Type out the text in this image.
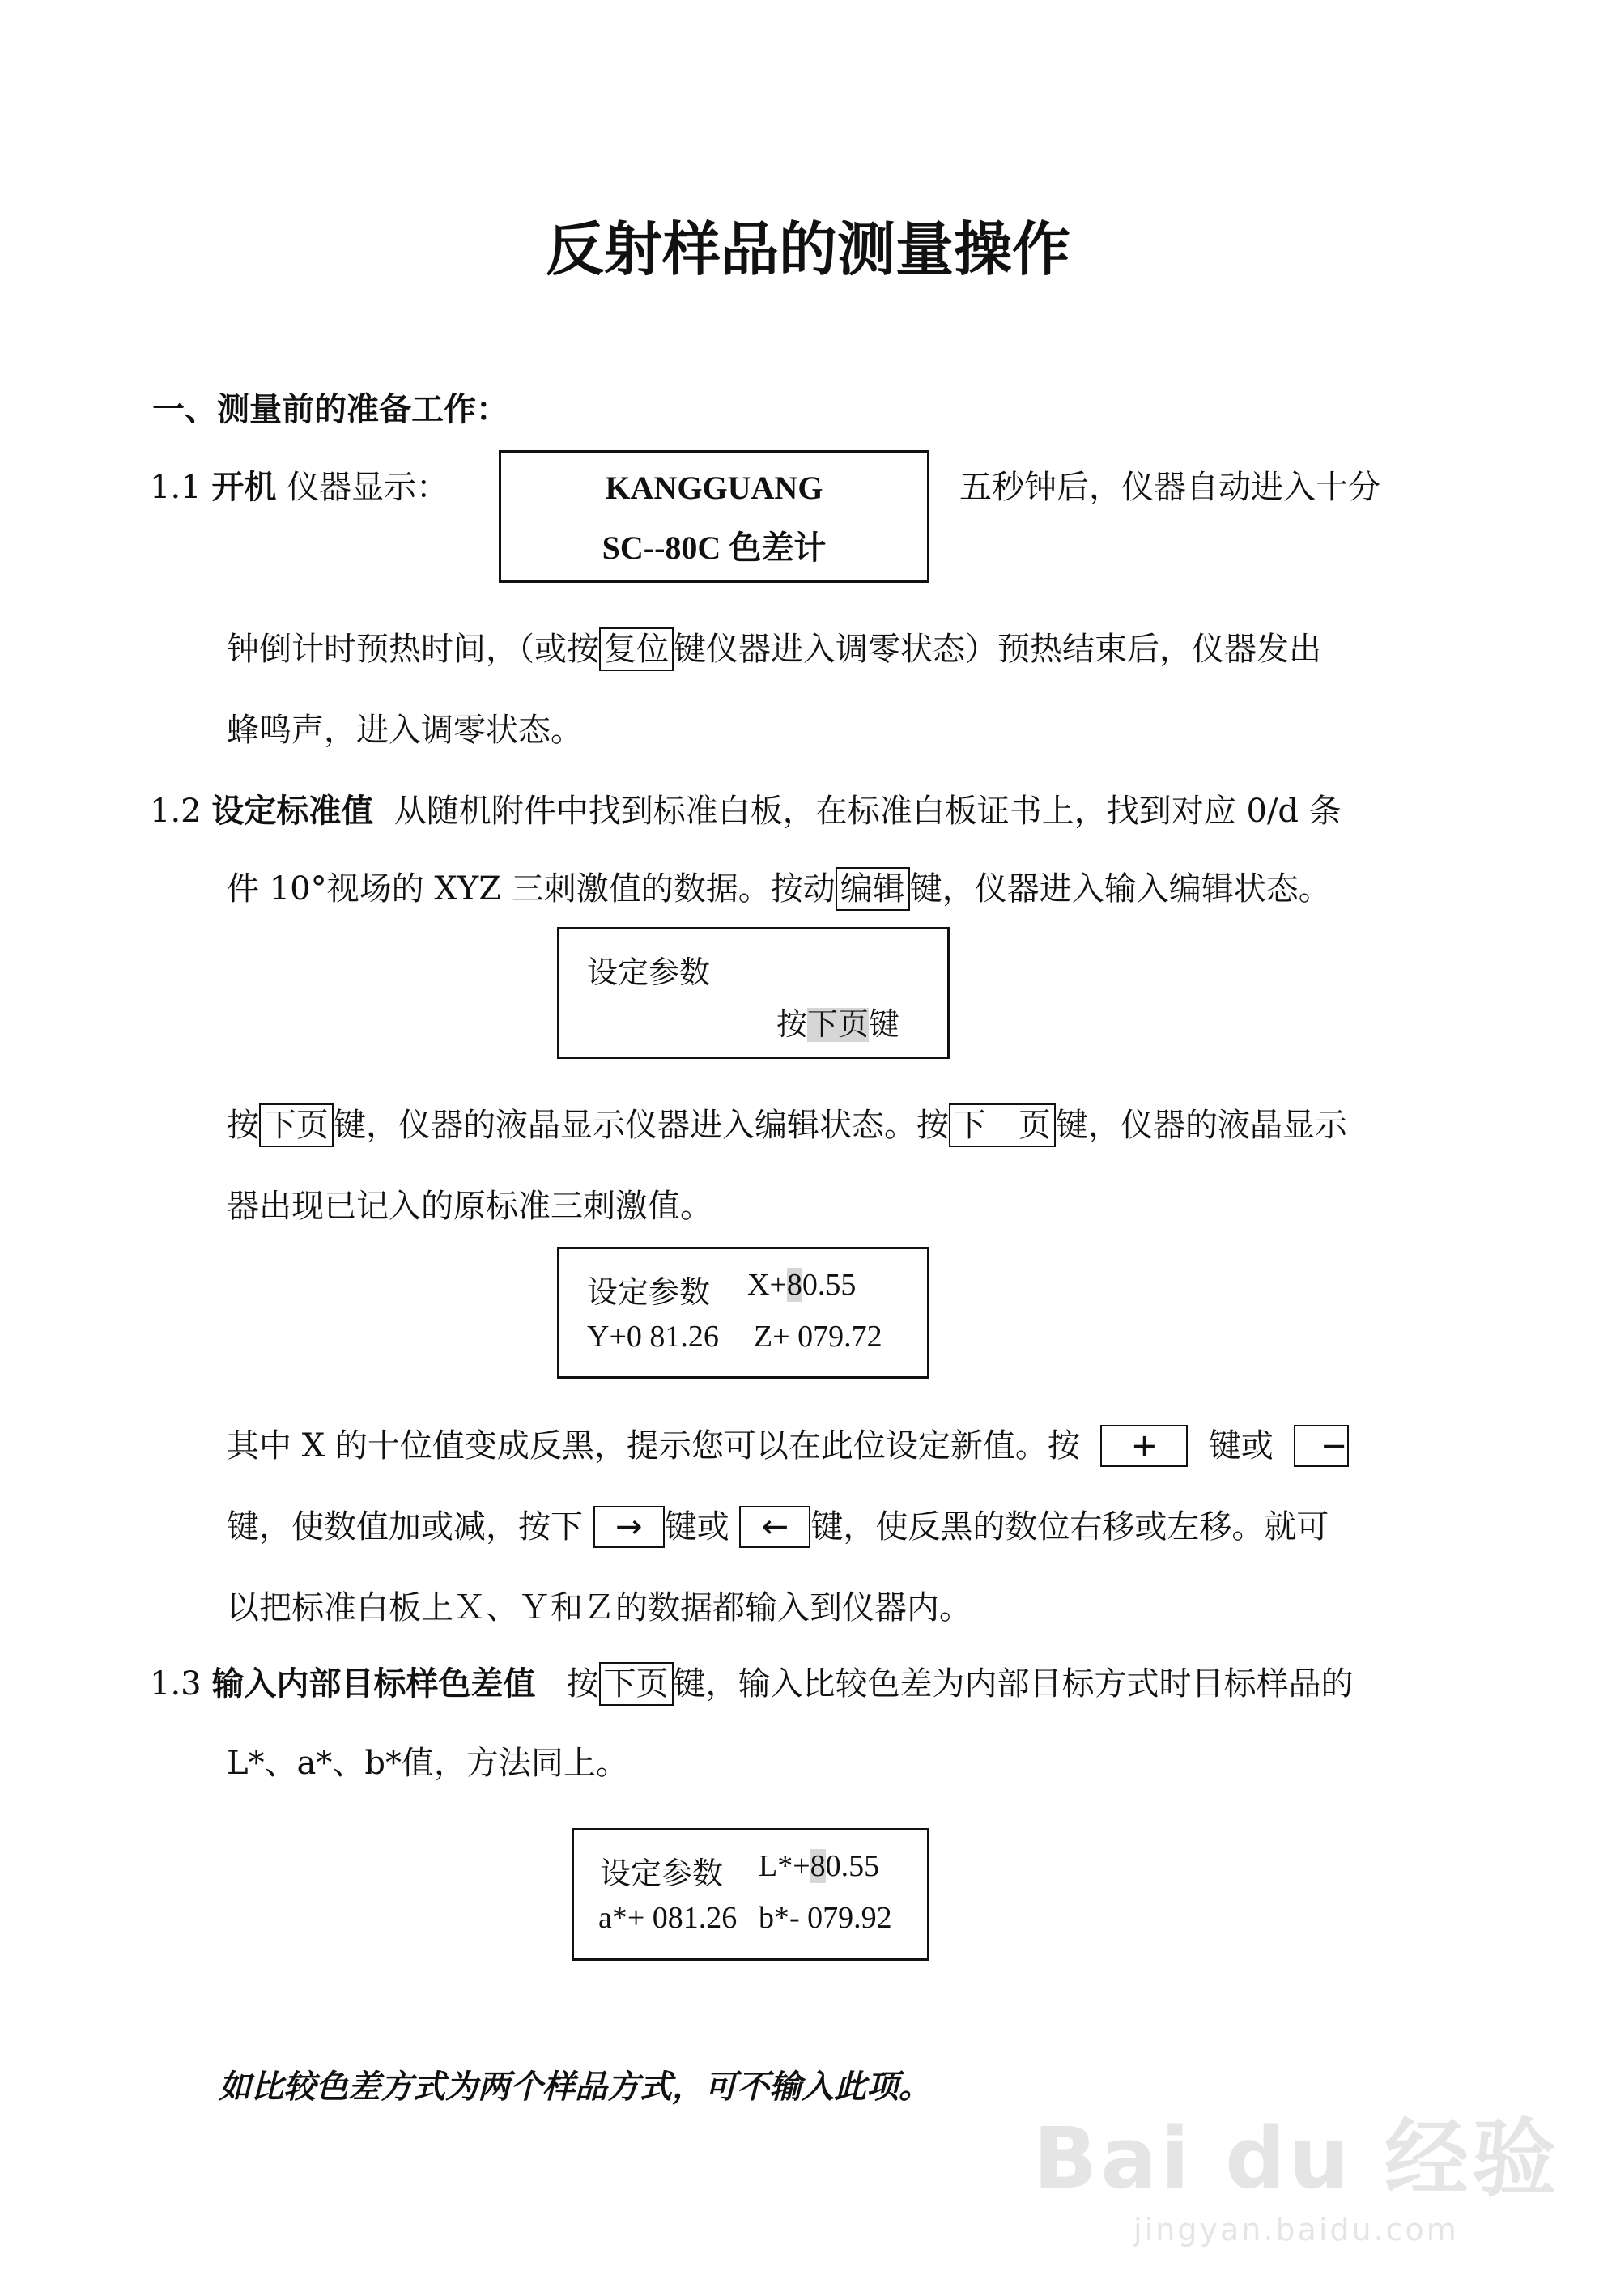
反射样品的测量操作
一、测量前的准备工作：
1.1 开机 仪器显示：	KANGGUANG
SC--80C 色差计
五秒钟后，仪器自动进入十分
钟倒计时预热时间，（或按 复位 键仪器进入调零状态）预热结束后，仪器发出
蜂鸣声，进入调零状态。
1.2 设定标准值 从随机附件中找到标准白板，在标准白板证书上，找到对应 0/d 条
件 10°视场的 XYZ 三刺激值的数据。按动 编辑 键，仪器进入输入编辑状态。
设定参数
按下页键
按 下页 键，仪器的液晶显示仪器进入编辑状态。按 下　页 键，仪器的液晶显示
器出现已记入的原标准三刺激值。
设定参数 X+80.55
Y+0 81.26 Z+ 079.72
其中 X 的十位值变成反黑，提示您可以在此位设定新值。按 + 键或 −
键，使数值加或减，按下 → 键或 ← 键，使反黑的数位右移或左移。就可
以把标准白板上Ｘ、Ｙ和Ｚ的数据都输入到仪器内。
1.3 输入内部目标样色差值 按 下页 键，输入比较色差为内部目标方式时目标样品的
L*、a*、b*值，方法同上。
设定参数 L*+80.55
a*+ 081.26 b*- 079.92
如比较色差方式为两个样品方式，可不输入此项。
Bai du 经验
jingyan.baidu.com
